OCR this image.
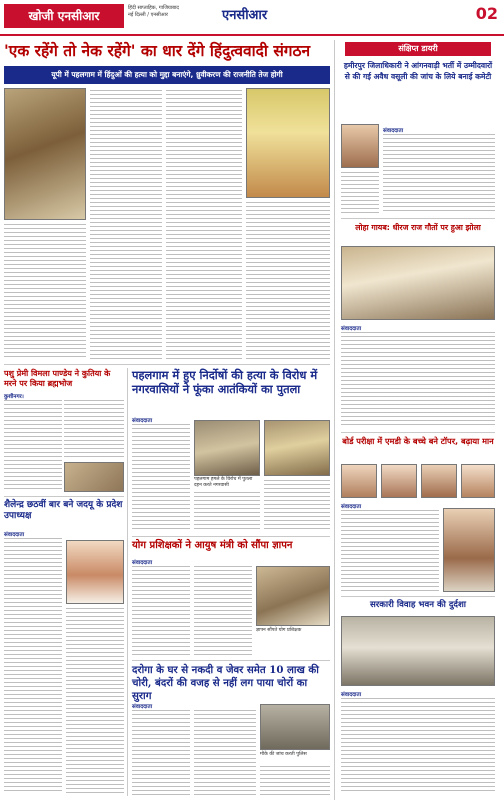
खोजी एनसीआर
हिंदी साप्ताहिक, गाजियाबाद
नई दिल्ली / एनसीआर	एनसीआर	02
'एक रहेंगे तो नेक रहेंगे' का धार देंगे हिंदुत्ववादी संगठन
यूपी में पहलगाम में हिंदुओं की हत्या को मुद्दा बनाएंगे, ध्रुवीकरण की राजनीति तेज होगी
पशु प्रेमी विमला पाण्डेय ने कुतिया के मरने पर किया ब्रह्मभोज
कुशीनगर।
शैलेन्द्र छठवीं बार बने जदयू के प्रदेश उपाध्यक्ष
संवाददाता
पहलगाम में हुए निर्दोषों की हत्या के विरोध में नगरवासियों ने फूंका आतंकियों का पुतला
संवाददाता
पहलगाम हमले के विरोध में पुतला दहन करते नगरवासी
योग प्रशिक्षकों ने आयुष मंत्री को सौंपा ज्ञापन
संवाददाता
ज्ञापन सौंपते योग प्रशिक्षक
दरोगा के घर से नकदी व जेवर समेत 10 लाख की चोरी, बंदरों की वजह से नहीं लग पाया चोरों का सुराग
संवाददाता
मौके की जांच करती पुलिस
संक्षिप्त डायरी
हमीरपुर जिलाधिकारी ने आंगनवाड़ी भर्ती में उम्मीदवारों से की गई अवैध वसूली की जांच के लिये बनाई कमेटी
संवाददाता
लोहा गायब: धीरज राज गौतों पर हुआ झोला
संवाददाता
बोर्ड परीक्षा में एमडी के बच्चे बने टॉपर, बढ़ाया मान
संवाददाता
सरकारी विवाह भवन की दुर्दशा
संवाददाता
